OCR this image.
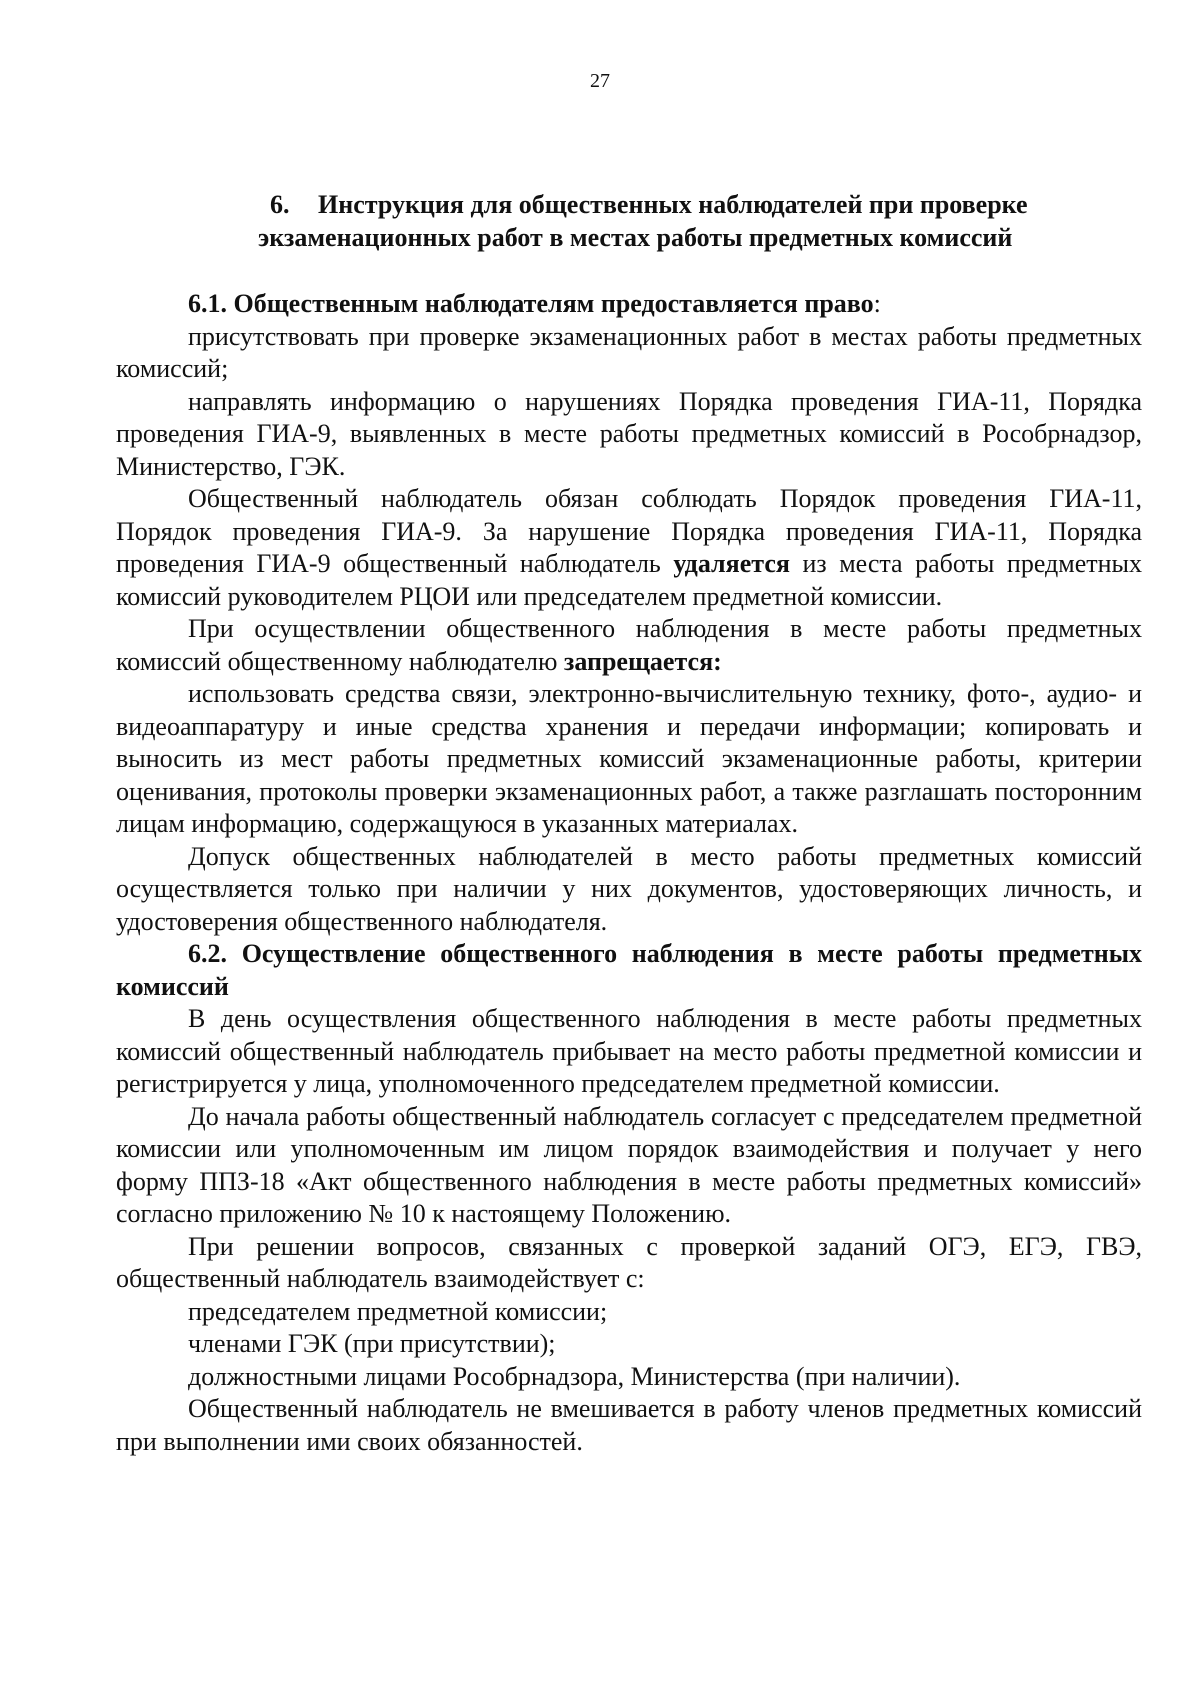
27
6. Инструкция для общественных наблюдателей при проверке
экзаменационных работ в местах работы предметных комиссий

6.1. Общественным наблюдателям предоставляется право:

присутствовать при проверке экзаменационных работ в местах работы предметных комиссий;

направлять информацию о нарушениях Порядка проведения ГИА-11, Порядка проведения ГИА-9, выявленных в месте работы предметных комиссий в Рособрнадзор, Министерство, ГЭК.

Общественный наблюдатель обязан соблюдать Порядок проведения ГИА-11, Порядок проведения ГИА-9. За нарушение Порядка проведения ГИА-11, Порядка проведения ГИА-9 общественный наблюдатель удаляется из места работы предметных комиссий руководителем РЦОИ или председателем предметной комиссии.

При осуществлении общественного наблюдения в месте работы предметных комиссий общественному наблюдателю запрещается:

использовать средства связи, электронно-вычислительную технику, фото-, аудио- и видеоаппаратуру и иные средства хранения и передачи информации; копировать и выносить из мест работы предметных комиссий экзаменационные работы, критерии оценивания, протоколы проверки экзаменационных работ, а также разглашать посторонним лицам информацию, содержащуюся в указанных материалах.

Допуск общественных наблюдателей в место работы предметных комиссий осуществляется только при наличии у них документов, удостоверяющих личность, и удостоверения общественного наблюдателя.

6.2. Осуществление общественного наблюдения в месте работы предметных комиссий

В день осуществления общественного наблюдения в месте работы предметных комиссий общественный наблюдатель прибывает на место работы предметной комиссии и регистрируется у лица, уполномоченного председателем предметной комиссии.

До начала работы общественный наблюдатель согласует с председателем предметной комиссии или уполномоченным им лицом порядок взаимодействия и получает у него форму ППЗ-18 «Акт общественного наблюдения в месте работы предметных комиссий» согласно приложению № 10 к настоящему Положению.

При решении вопросов, связанных с проверкой заданий ОГЭ, ЕГЭ, ГВЭ, общественный наблюдатель взаимодействует с:

председателем предметной комиссии;

членами ГЭК (при присутствии);

должностными лицами Рособрнадзора, Министерства (при наличии).

Общественный наблюдатель не вмешивается в работу членов предметных комиссий при выполнении ими своих обязанностей.
